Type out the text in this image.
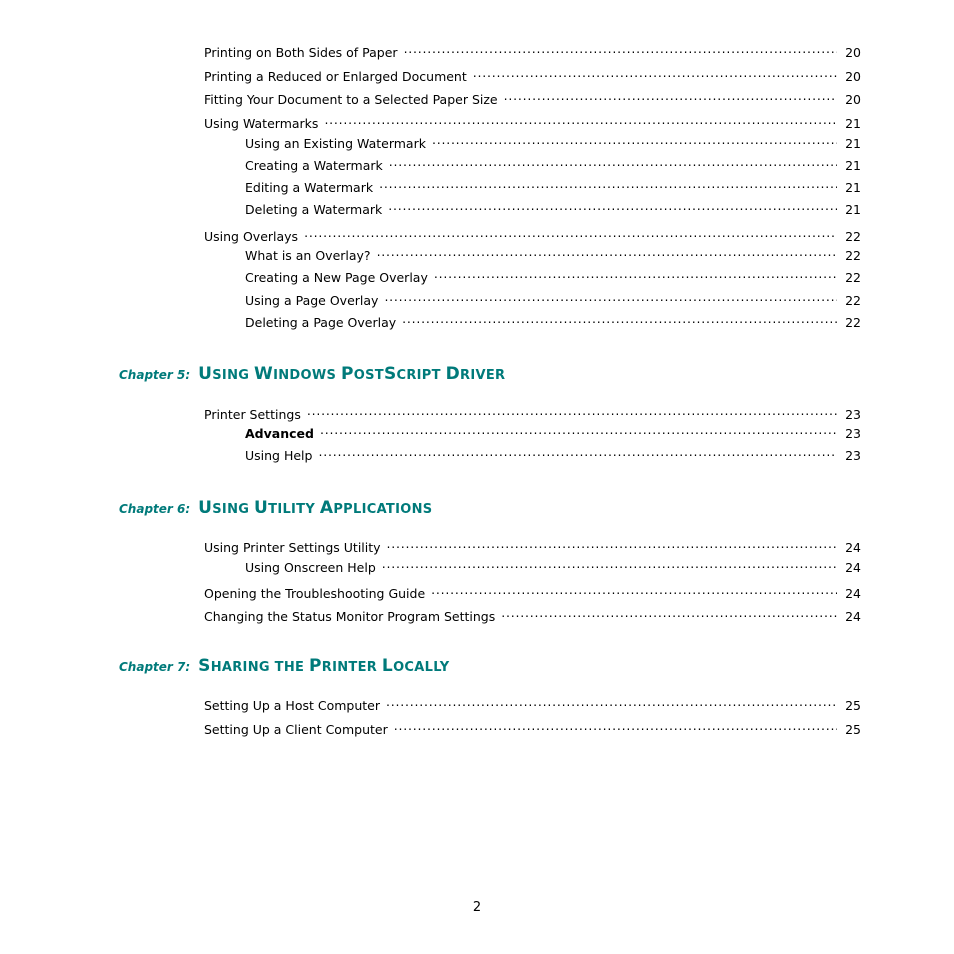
Printing on Both Sides of Paper . . .	20
Printing a Reduced or Enlarged Document . . .	20
Fitting Your Document to a Selected Paper Size . . .	20
Using Watermarks . . .	21
Using an Existing Watermark . . .	21
Creating a Watermark . . .	21
Editing a Watermark . . .	21
Deleting a Watermark . . .	21
Using Overlays . . .	22
What is an Overlay? . . .	22
Creating a New Page Overlay . . .	22
Using a Page Overlay . . .	22
Deleting a Page Overlay . . .	22
Chapter 5: USING WINDOWS POSTSCRIPT DRIVER
Printer Settings . . .	23
Advanced . . .	23
Using Help . . .	23
Chapter 6: USING UTILITY APPLICATIONS
Using Printer Settings Utility . . .	24
Using Onscreen Help . . .	24
Opening the Troubleshooting Guide . . .	24
Changing the Status Monitor Program Settings . . .	24
Chapter 7: SHARING THE PRINTER LOCALLY
Setting Up a Host Computer . . .	25
Setting Up a Client Computer . . .	25
2
